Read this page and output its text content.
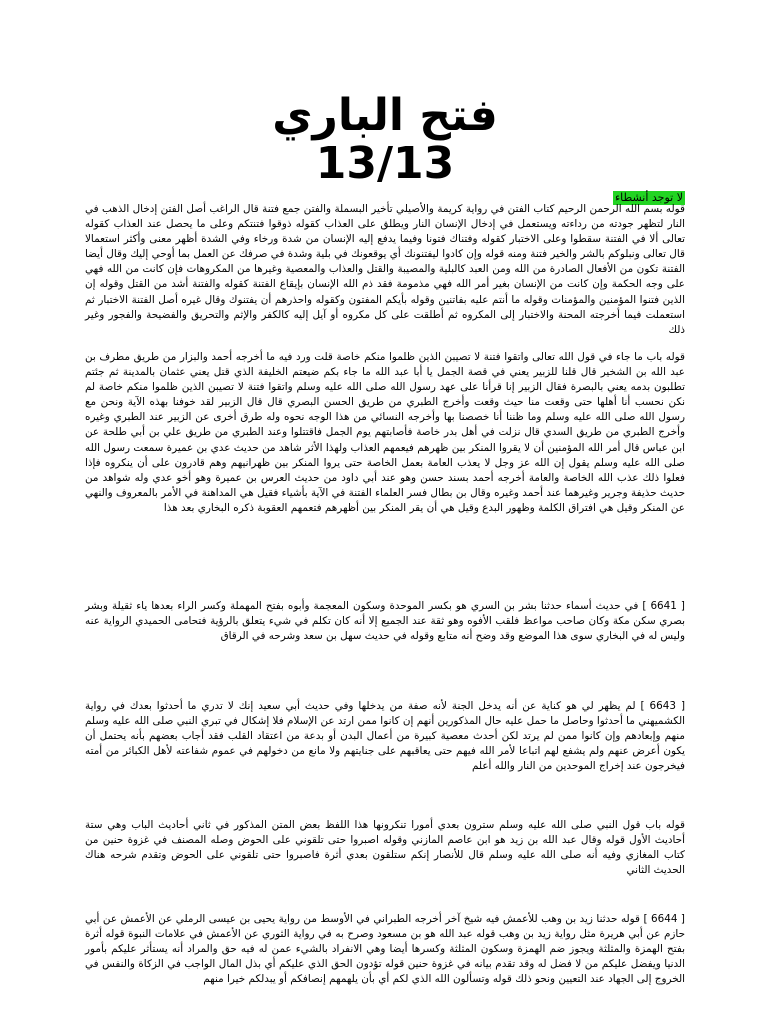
فتح الباري
13/13
لا توجد أنشطاء

قوله بسم الله الرحمن الرحيم كتاب الفتن في رواية كريمة والأصيلي تأخير البسملة والفتن جمع فتنة قال الراغب أصل الفتن إدخال الذهب في النار لتظهر جودته من رداءته ويستعمل في إدخال الإنسان النار ويطلق على العذاب كقوله ذوقوا فتنتكم وعلى ما يحصل عند العذاب كقوله تعالى ألا في الفتنة سقطوا وعلى الاختبار كقوله وفتناك فتونا وفيما يدفع إليه الإنسان من شدة ورخاء وفي الشدة أظهر معنى وأكثر استعمالا قال تعالى ونبلوكم بالشر والخير فتنة ومنه قوله وإن كادوا ليفتنونك أي يوقعونك في بلية وشدة في صرفك عن العمل بما أوحي إليك وقال أيضا الفتنة تكون من الأفعال الصادرة من الله ومن العبد كالبلية والمصيبة والقتل والعذاب والمعصية وغيرها من المكروهات فإن كانت من الله فهي على وجه الحكمة وإن كانت من الإنسان بغير أمر الله فهي مذمومة فقد ذم الله الإنسان بإيقاع الفتنة كقوله والفتنة أشد من القتل وقوله إن الذين فتنوا المؤمنين والمؤمنات وقوله ما أنتم عليه بفاتنين وقوله بأيكم المفتون وكقوله واحذرهم أن يفتنوك وقال غيره أصل الفتنة الاختبار ثم استعملت فيما أخرجته المحنة والاختبار إلى المكروه ثم أطلقت على كل مكروه أو آيل إليه كالكفر والإثم والتحريق والفضيحة والفجور وغير ذلك

قوله باب ما جاء في قول الله تعالى واتقوا فتنة لا تصيبن الذين ظلموا منكم خاصة قلت ورد فيه ما أخرجه أحمد والبزار من طريق مطرف بن عبد الله بن الشخير قال قلنا للزبير يعني في قصة الجمل يا أبا عبد الله ما جاء بكم ضيعتم الخليفة الذي قتل يعني عثمان بالمدينة ثم جئتم تطلبون بدمه يعني بالبصرة فقال الزبير إنا قرأنا على عهد رسول الله صلى الله عليه وسلم واتقوا فتنة لا تصيبن الذين ظلموا منكم خاصة لم نكن نحسب أنا أهلها حتى وقعت منا حيث وقعت وأخرج الطبري من طريق الحسن البصري قال قال الزبير لقد خوفنا بهذه الآية ونحن مع رسول الله صلى الله عليه وسلم وما ظننا أنا خصصنا بها وأخرجه النسائي من هذا الوجه نحوه وله طرق أخرى عن الزبير عند الطبري وغيره وأخرج الطبري من طريق السدي قال نزلت في أهل بدر خاصة فأصابتهم يوم الجمل فاقتتلوا وعند الطبري من طريق علي بن أبي طلحة عن ابن عباس قال أمر الله المؤمنين أن لا يقروا المنكر بين ظهرهم فيعمهم العذاب ولهذا الأثر شاهد من حديث عدي بن عميرة سمعت رسول الله صلى الله عليه وسلم يقول إن الله عز وجل لا يعذب العامة بعمل الخاصة حتى يروا المنكر بين ظهرانيهم وهم قادرون على أن ينكروه فإذا فعلوا ذلك عذب الله الخاصة والعامة أخرجه أحمد بسند حسن وهو عند أبي داود من حديث العرس بن عميرة وهو أخو عدي وله شواهد من حديث حذيفة وجرير وغيرهما عند أحمد وغيره وقال بن بطال فسر العلماء الفتنة في الآية بأشياء فقيل هي المداهنة في الأمر بالمعروف والنهي عن المنكر وقيل هي افتراق الكلمة وظهور البدع وقيل هي أن يقر المنكر بين أظهرهم فتعمهم العقوبة ذكره البخاري بعد هذا

[ 6641 ] في حديث أسماء حدثنا بشر بن السري هو بكسر الموحدة وسكون المعجمة وأبوه بفتح المهملة وكسر الراء بعدها ياء ثقيلة وبشر بصري سكن مكة وكان صاحب مواعظ فلقب الأفوه وهو ثقة عند الجميع إلا أنه كان تكلم في شيء يتعلق بالرؤية فتحامى الحميدي الرواية عنه وليس له في البخاري سوى هذا الموضع وقد وضح أنه متابع وقوله في حديث سهل بن سعد وشرحه في الرقاق

[ 6643 ] لم يظهر لي هو كناية عن أنه يدخل الجنة لأنه صفة من يدخلها وفي حديث أبي سعيد إنك لا تدري ما أحدثوا بعدك في رواية الكشميهني ما أحدثوا وحاصل ما حمل عليه حال المذكورين أنهم إن كانوا ممن ارتد عن الإسلام فلا إشكال في تبري النبي صلى الله عليه وسلم منهم وإبعادهم وإن كانوا ممن لم يرتد لكن أحدث معصية كبيرة من أعمال البدن أو بدعة من اعتقاد القلب فقد أجاب بعضهم بأنه يحتمل أن يكون أعرض عنهم ولم يشفع لهم اتباعا لأمر الله فيهم حتى يعاقبهم على جنايتهم ولا مانع من دخولهم في عموم شفاعته لأهل الكبائر من أمته فيخرجون عند إخراج الموحدين من النار والله أعلم

قوله باب قول النبي صلى الله عليه وسلم سترون بعدي أمورا تنكرونها هذا اللفظ بعض المتن المذكور في ثاني أحاديث الباب وهي ستة أحاديث الأول قوله وقال عبد الله بن زيد هو ابن عاصم المازني وقوله اصبروا حتى تلقوني على الحوض وصله المصنف في غزوة حنين من كتاب المغازي وفيه أنه صلى الله عليه وسلم قال للأنصار إنكم ستلقون بعدي أثرة فاصبروا حتى تلقوني على الحوض وتقدم شرحه هناك الحديث الثاني

[ 6644 ] قوله حدثنا زيد بن وهب للأعمش فيه شيخ آخر أخرجه الطبراني في الأوسط من رواية يحيى بن عيسى الرملي عن الأعمش عن أبي حازم عن أبي هريرة مثل رواية زيد بن وهب قوله عبد الله هو بن مسعود وصرح به في رواية الثوري عن الأعمش في علامات النبوة قوله أثرة بفتح الهمزة والمثلثة ويجوز ضم الهمزة وسكون المثلثة وكسرها أيضا وهي الانفراد بالشيء عمن له فيه حق والمراد أنه يستأثر عليكم بأمور الدنيا ويفضل عليكم من لا فضل له وقد تقدم بيانه في غزوة حنين قوله تؤدون الحق الذي عليكم أي بذل المال الواجب في الزكاة والنفس في الخروج إلى الجهاد عند التعيين ونحو ذلك قوله وتسألون الله الذي لكم أي بأن يلهمهم إنصافكم أو يبدلكم خيرا منهم
